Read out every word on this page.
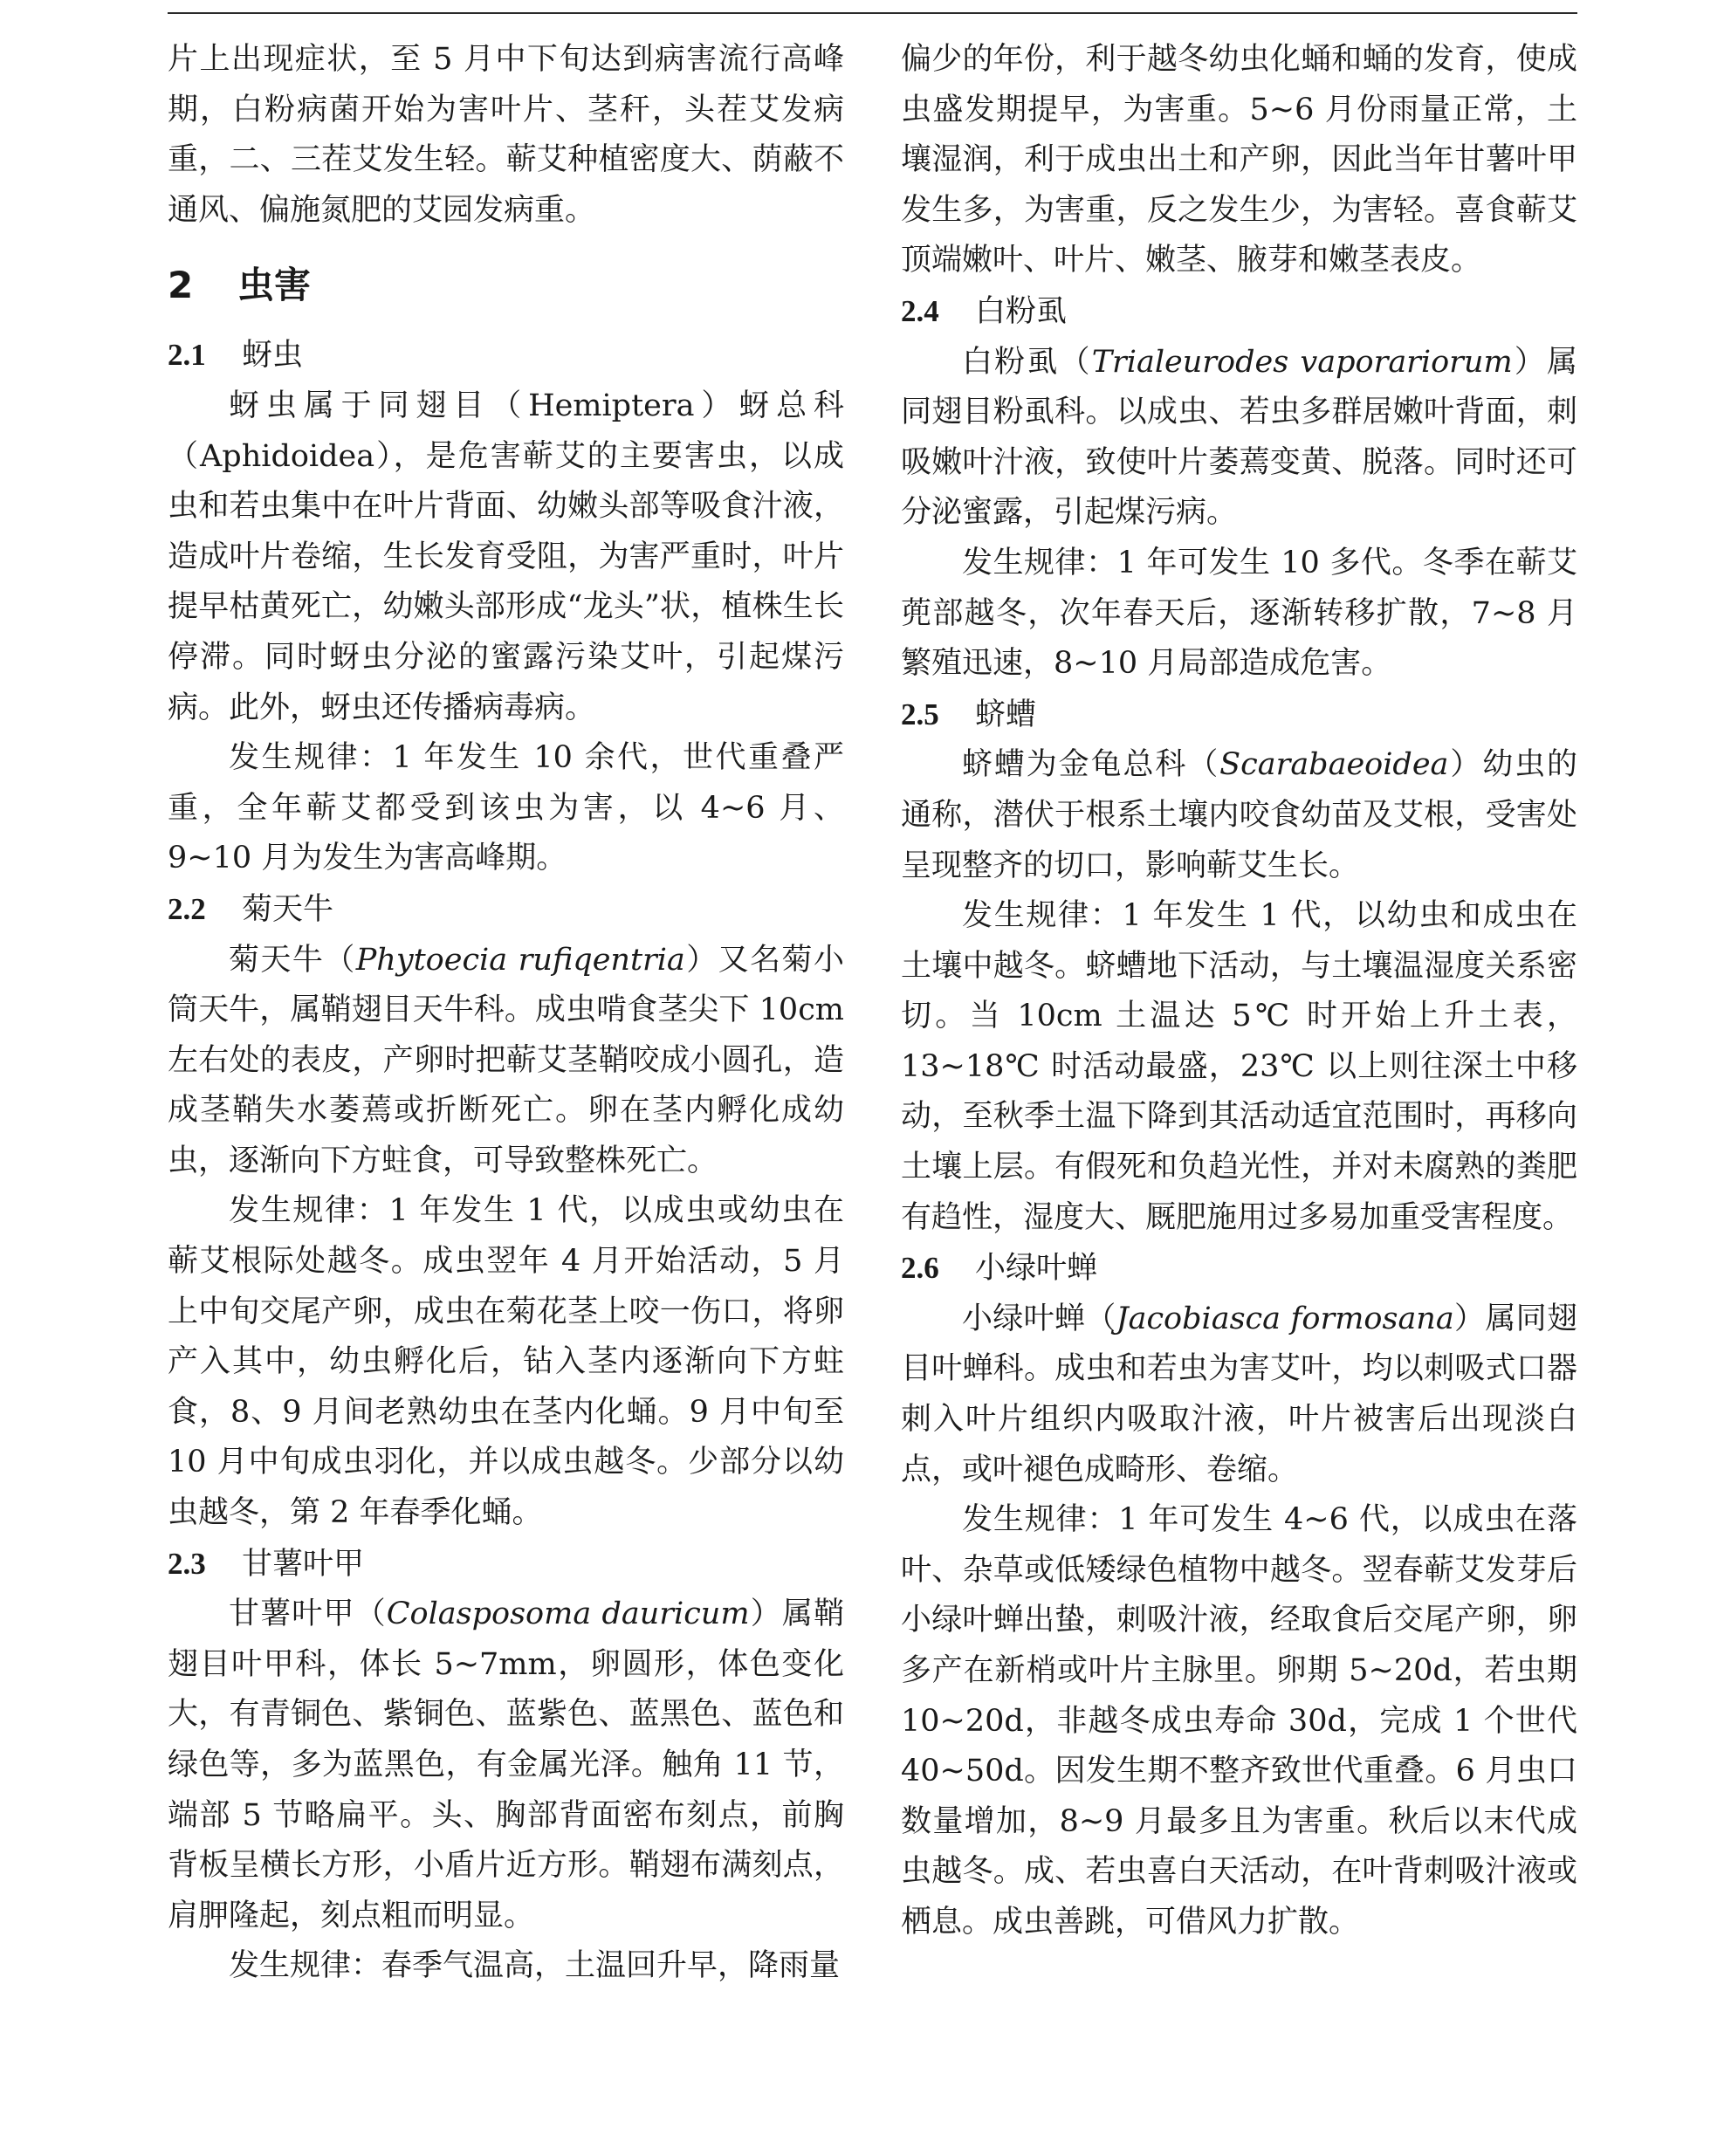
片上出现症状，至 5 月中下旬达到病害流行高峰期，白粉病菌开始为害叶片、茎秆，头茬艾发病重，二、三茬艾发生轻。蕲艾种植密度大、荫蔽不通风、偏施氮肥的艾园发病重。

2 虫害
2.1 蚜虫

蚜虫属于同翅目（Hemiptera）蚜总科（Aphidoidea），是危害蕲艾的主要害虫，以成虫和若虫集中在叶片背面、幼嫩头部等吸食汁液，造成叶片卷缩，生长发育受阻，为害严重时，叶片提早枯黄死亡，幼嫩头部形成“龙头”状，植株生长停滞。同时蚜虫分泌的蜜露污染艾叶，引起煤污病。此外，蚜虫还传播病毒病。

发生规律：1 年发生 10 余代，世代重叠严重，全年蕲艾都受到该虫为害，以 4~6 月、9~10 月为发生为害高峰期。

2.2 菊天牛

菊天牛（Phytoecia rufiqentria）又名菊小筒天牛，属鞘翅目天牛科。成虫啃食茎尖下 10cm 左右处的表皮，产卵时把蕲艾茎鞘咬成小圆孔，造成茎鞘失水萎蔫或折断死亡。卵在茎内孵化成幼虫，逐渐向下方蛀食，可导致整株死亡。

发生规律：1 年发生 1 代，以成虫或幼虫在蕲艾根际处越冬。成虫翌年 4 月开始活动，5 月上中旬交尾产卵，成虫在菊花茎上咬一伤口，将卵产入其中，幼虫孵化后，钻入茎内逐渐向下方蛀食，8、9 月间老熟幼虫在茎内化蛹。9 月中旬至 10 月中旬成虫羽化，并以成虫越冬。少部分以幼虫越冬，第 2 年春季化蛹。

2.3 甘薯叶甲

甘薯叶甲（Colasposoma dauricum）属鞘翅目叶甲科，体长 5~7mm，卵圆形，体色变化大，有青铜色、紫铜色、蓝紫色、蓝黑色、蓝色和绿色等，多为蓝黑色，有金属光泽。触角 11 节，端部 5 节略扁平。头、胸部背面密布刻点，前胸背板呈横长方形，小盾片近方形。鞘翅布满刻点，肩胛隆起，刻点粗而明显。

发生规律：春季气温高，土温回升早，降雨量

偏少的年份，利于越冬幼虫化蛹和蛹的发育，使成虫盛发期提早，为害重。5~6 月份雨量正常，土壤湿润，利于成虫出土和产卵，因此当年甘薯叶甲发生多，为害重，反之发生少，为害轻。喜食蕲艾顶端嫩叶、叶片、嫩茎、腋芽和嫩茎表皮。

2.4 白粉虱

白粉虱（Trialeurodes vaporariorum）属同翅目粉虱科。以成虫、若虫多群居嫩叶背面，刺吸嫩叶汁液，致使叶片萎蔫变黄、脱落。同时还可分泌蜜露，引起煤污病。

发生规律：1 年可发生 10 多代。冬季在蕲艾蔸部越冬，次年春天后，逐渐转移扩散，7~8 月繁殖迅速，8~10 月局部造成危害。

2.5 蛴螬

蛴螬为金龟总科（Scarabaeoidea）幼虫的通称，潜伏于根系土壤内咬食幼苗及艾根，受害处呈现整齐的切口，影响蕲艾生长。

发生规律：1 年发生 1 代，以幼虫和成虫在土壤中越冬。蛴螬地下活动，与土壤温湿度关系密切。当 10cm 土温达 5℃ 时开始上升土表，13~18℃ 时活动最盛，23℃ 以上则往深土中移动，至秋季土温下降到其活动适宜范围时，再移向土壤上层。有假死和负趋光性，并对未腐熟的粪肥有趋性，湿度大、厩肥施用过多易加重受害程度。

2.6 小绿叶蝉

小绿叶蝉（Jacobiasca formosana）属同翅目叶蝉科。成虫和若虫为害艾叶，均以刺吸式口器刺入叶片组织内吸取汁液，叶片被害后出现淡白点，或叶褪色成畸形、卷缩。

发生规律：1 年可发生 4~6 代，以成虫在落叶、杂草或低矮绿色植物中越冬。翌春蕲艾发芽后小绿叶蝉出蛰，刺吸汁液，经取食后交尾产卵，卵多产在新梢或叶片主脉里。卵期 5~20d，若虫期 10~20d，非越冬成虫寿命 30d，完成 1 个世代 40~50d。因发生期不整齐致世代重叠。6 月虫口数量增加，8~9 月最多且为害重。秋后以末代成虫越冬。成、若虫喜白天活动，在叶背刺吸汁液或栖息。成虫善跳，可借风力扩散。
